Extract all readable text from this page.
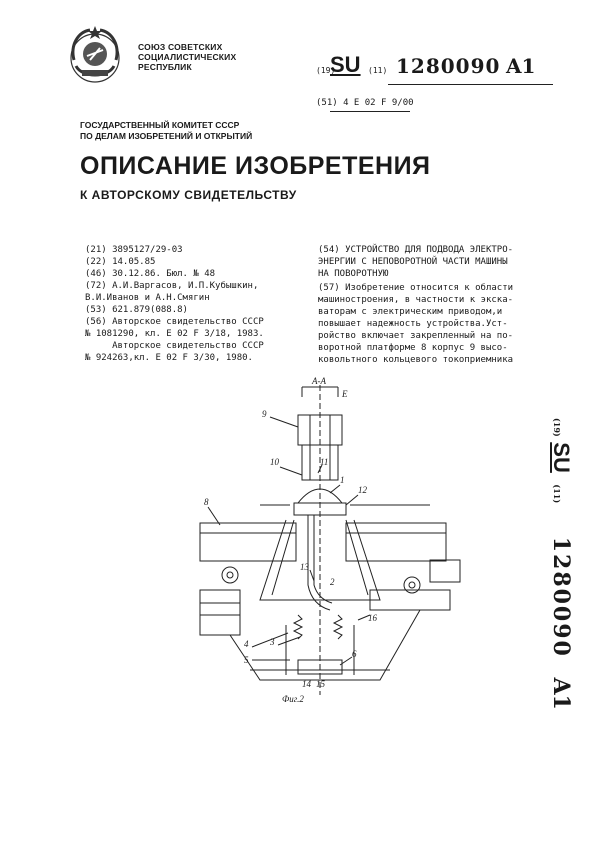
СОЮЗ СОВЕТСКИХ
СОЦИАЛИСТИЧЕСКИХ
РЕСПУБЛИК	(19)
SU (11) 1280090 A1
(51) 4 E 02 F 9/00
ГОСУДАРСТВЕННЫЙ КОМИТЕТ СССР
ПО ДЕЛАМ ИЗОБРЕТЕНИЙ И ОТКРЫТИЙ
ОПИСАНИЕ ИЗОБРЕТЕНИЯ
К АВТОРСКОМУ СВИДЕТЕЛЬСТВУ
(21) 3895127/29-03
(22) 14.05.85
(46) 30.12.86. Бюл. № 48
(72) А.И.Варгасов, И.П.Кубышкин,
В.И.Иванов и А.Н.Смягин
(53) 621.879(088.8)
(56) Авторское свидетельство СССР
№ 1081290, кл. Е 02 F 3/18, 1983.
Авторское свидетельство СССР
№ 924263,кл. Е 02 F 3/30, 1980.
(54) УСТРОЙСТВО ДЛЯ ПОДВОДА ЭЛЕКТРО-
ЭНЕРГИИ С НЕПОВОРОТНОЙ ЧАСТИ МАШИНЫ
НА ПОВОРОТНУЮ
(57) Изобретение относится к области
машиностроения, в частности к экска-
ваторам с электрическим приводом,и
повышает надежность устройства.Уст-
ройство включает закрепленный на по-
воротной платформе 8 корпус 9 высо-
ковольтного кольцевого токоприемника
(19) SU (11) 1280090 A1
А-А
Е
9
10	11
8
1
12
13
2
16
4 3
5
6
14 15
Фиг.2
